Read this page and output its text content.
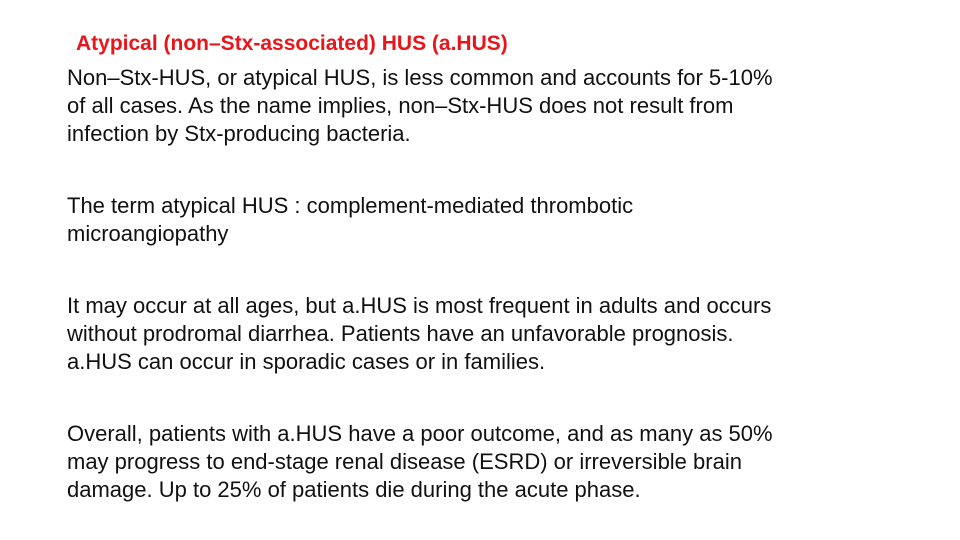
Atypical (non–Stx-associated) HUS (a.HUS)

Non–Stx-HUS, or atypical HUS, is less common and accounts for 5-10%
of all cases. As the name implies, non–Stx-HUS does not result from
infection by Stx-producing bacteria.

The term atypical HUS : complement-mediated thrombotic
microangiopathy

It may occur at all ages, but a.HUS is most frequent in adults and occurs
without prodromal diarrhea. Patients have an unfavorable prognosis.
a.HUS can occur in sporadic cases or in families.

Overall, patients with a.HUS have a poor outcome, and as many as 50%
may progress to end-stage renal disease (ESRD) or irreversible brain
damage. Up to 25% of patients die during the acute phase.
